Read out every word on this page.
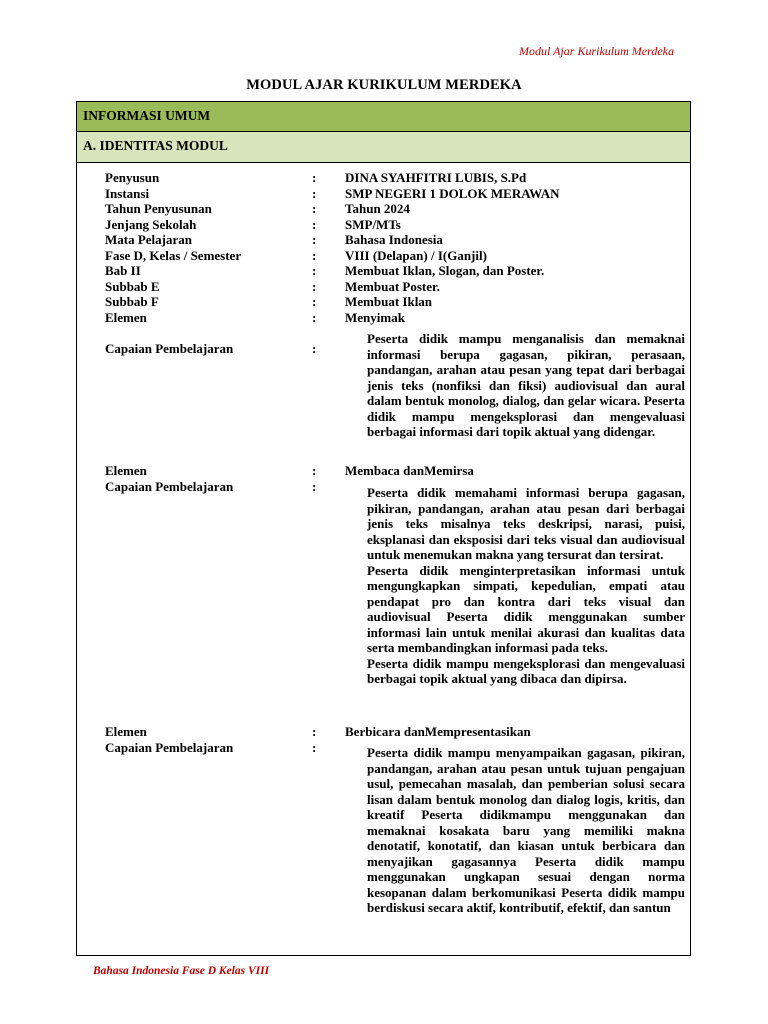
Modul Ajar Kurikulum Merdeka
MODUL AJAR KURIKULUM MERDEKA
INFORMASI UMUM
A. IDENTITAS MODUL
Penyusun	: DINA SYAHFITRI LUBIS, S.Pd
Instansi	: SMP NEGERI 1 DOLOK MERAWAN
Tahun Penyusunan	: Tahun 2024
Jenjang Sekolah	: SMP/MTs
Mata Pelajaran	: Bahasa Indonesia
Fase D, Kelas / Semester	: VIII (Delapan) / I(Ganjil)
Bab II	: Membuat Iklan, Slogan, dan Poster.
Subbab E	: Membuat Poster.
Subbab F	: Membuat Iklan
Elemen	: Menyimak
Capaian Pembelajaran	:

Peserta didik mampu menganalisis dan memaknai informasi berupa gagasan, pikiran, perasaan, pandangan, arahan atau pesan yang tepat dari berbagai jenis teks (nonfiksi dan fiksi) audiovisual dan aural dalam bentuk monolog, dialog, dan gelar wicara. Peserta didik mampu mengeksplorasi dan mengevaluasi berbagai informasi dari topik aktual yang didengar.

Elemen	: Membaca danMemirsa
Capaian Pembelajaran	:	Peserta didik memahami informasi berupa gagasan, pikiran, pandangan, arahan atau pesan dari berbagai jenis teks misalnya teks deskripsi, narasi, puisi, eksplanasi dan eksposisi dari teks visual dan audiovisual untuk menemukan makna yang tersurat dan tersirat.

Peserta didik menginterpretasikan informasi untuk mengungkapkan simpati, kepedulian, empati atau pendapat pro dan kontra dari teks visual dan audiovisual Peserta didik menggunakan sumber informasi lain untuk menilai akurasi dan kualitas data serta membandingkan informasi pada teks.

Peserta didik mampu mengeksplorasi dan mengevaluasi berbagai topik aktual yang dibaca dan dipirsa.

Elemen	: Berbicara danMempresentasikan
Capaian Pembelajaran	:	Peserta didik mampu menyampaikan gagasan, pikiran, pandangan, arahan atau pesan untuk tujuan pengajuan usul, pemecahan masalah, dan pemberian solusi secara lisan dalam bentuk monolog dan dialog logis, kritis, dan kreatif Peserta didikmampu menggunakan dan memaknai kosakata baru yang memiliki makna denotatif, konotatif, dan kiasan untuk berbicara dan menyajikan gagasannya Peserta didik mampu menggunakan ungkapan sesuai dengan norma kesopanan dalam berkomunikasi Peserta didik mampu berdiskusi secara aktif, kontributif, efektif, dan santun

Bahasa Indonesia Fase D Kelas VIII
